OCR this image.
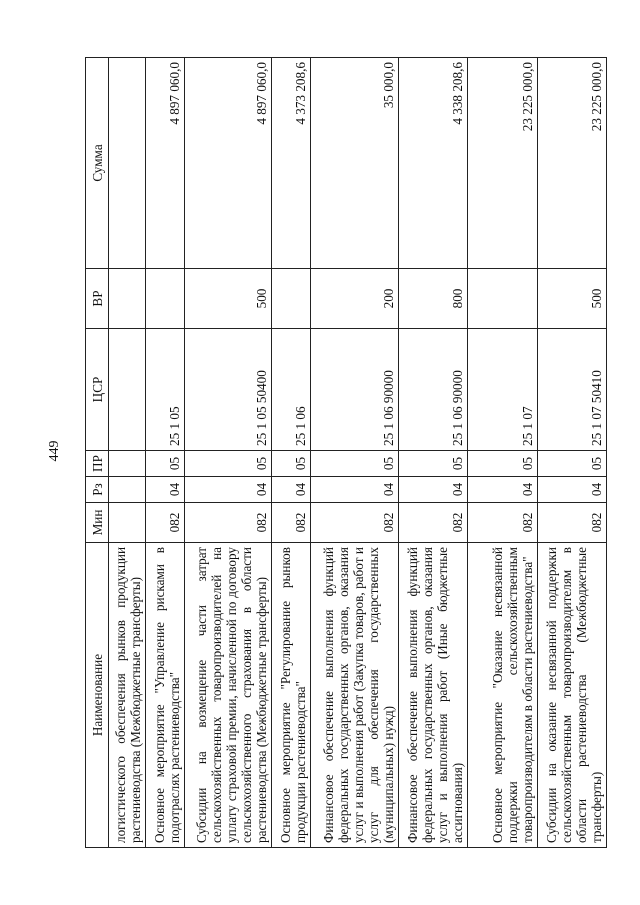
449
Наименование	Мин	Рз	ПР	ЦСР	ВР	Сумма
логистического обеспечения рынков продукции растениеводства (Межбюджетные трансферты)						
Основное мероприятие "Управление рисками в подотраслях растениеводства"	082	04	05	25 1 05		4 897 060,0
Субсидии на возмещение части затрат сельскохозяйственных товаропроизводителей на уплату страховой премии, начисленной по договору сельскохозяйственного страхования в области растениеводства (Межбюджетные трансферты)	082	04	05	25 1 05 50400	500	4 897 060,0
Основное мероприятие "Регулирование рынков продукции растениеводства"	082	04	05	25 1 06		4 373 208,6
Финансовое обеспечение выполнения функций федеральных государственных органов, оказания услуг и выполнения работ (Закупка товаров, работ и услуг для обеспечения государственных (муниципальных) нужд)	082	04	05	25 1 06 90000	200	35 000,0
Финансовое обеспечение выполнения функций федеральных государственных органов, оказания услуг и выполнения работ (Иные бюджетные ассигнования)	082	04	05	25 1 06 90000	800	4 338 208,6
Основное мероприятие "Оказание несвязанной поддержки сельскохозяйственным товаропроизводителям в области растениеводства"	082	04	05	25 1 07		23 225 000,0
Субсидии на оказание несвязанной поддержки сельскохозяйственным товаропроизводителям в области растениеводства (Межбюджетные трансферты)	082	04	05	25 1 07 50410	500	23 225 000,0
